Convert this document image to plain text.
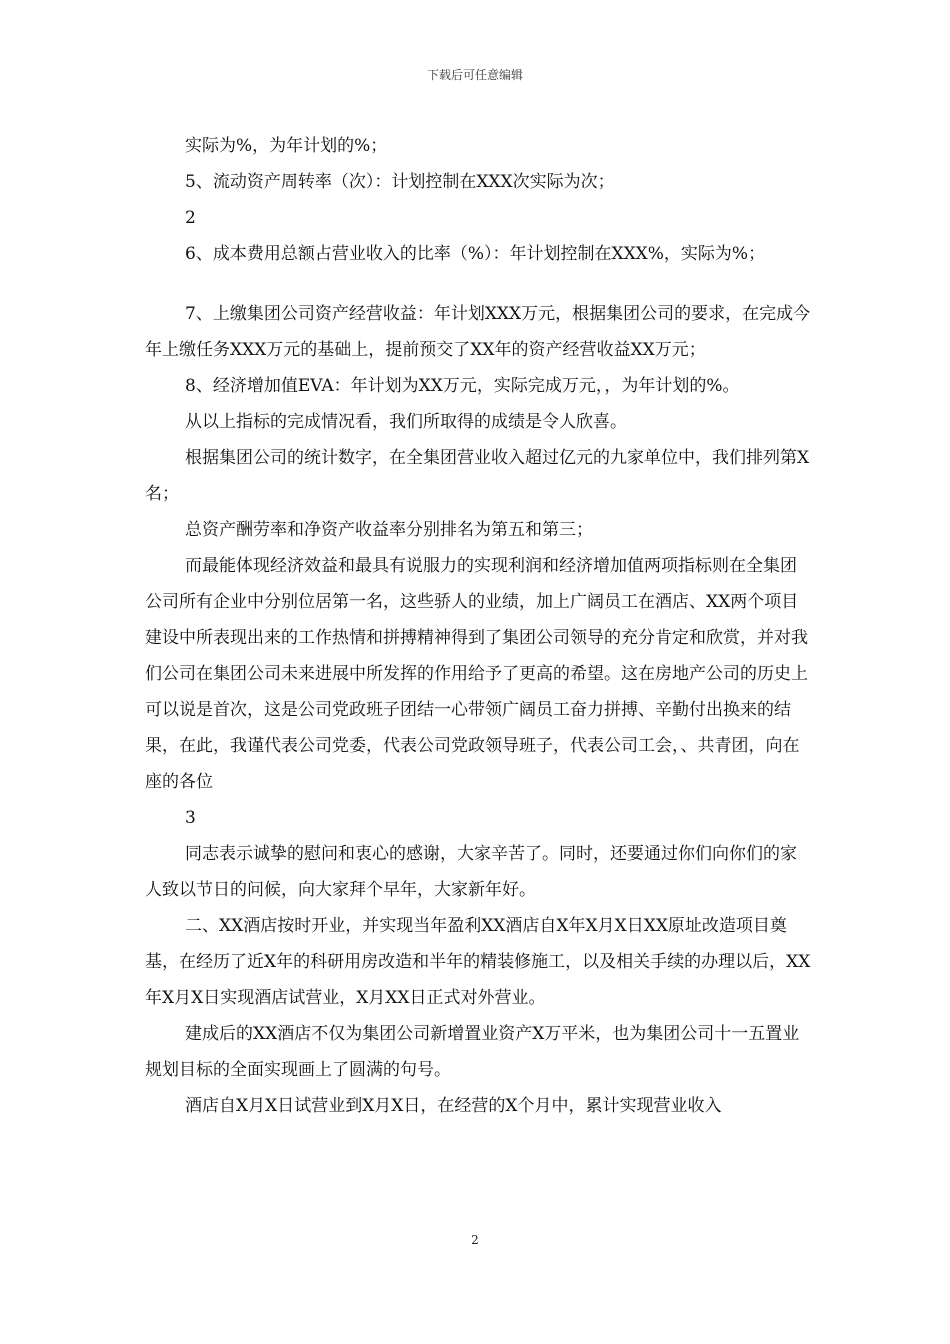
下载后可任意编辑

实际为%，为年计划的%；

5、流动资产周转率（次）：计划控制在XXX次实际为次；

2

6、成本费用总额占营业收入的比率（%）：年计划控制在XXX%，实际为%；

7、上缴集团公司资产经营收益：年计划XXX万元，根据集团公司的要求，在完成今年上缴任务XXX万元的基础上，提前预交了XX年的资产经营收益XX万元；

8、经济增加值EVA：年计划为XX万元，实际完成万元，，为年计划的%。

从以上指标的完成情况看，我们所取得的成绩是令人欣喜。

根据集团公司的统计数字，在全集团营业收入超过亿元的九家单位中，我们排列第X名；

总资产酬劳率和净资产收益率分别排名为第五和第三；

而最能体现经济效益和最具有说服力的实现利润和经济增加值两项指标则在全集团公司所有企业中分别位居第一名，这些骄人的业绩，加上广阔员工在酒店、XX两个项目建设中所表现出来的工作热情和拼搏精神得到了集团公司领导的充分肯定和欣赏，并对我们公司在集团公司未来进展中所发挥的作用给予了更高的希望。这在房地产公司的历史上可以说是首次，这是公司党政班子团结一心带领广阔员工奋力拼搏、辛勤付出换来的结果，在此，我谨代表公司党委，代表公司党政领导班子，代表公司工会，、共青团，向在座的各位

3

同志表示诚挚的慰问和衷心的感谢，大家辛苦了。同时，还要通过你们向你们的家人致以节日的问候，向大家拜个早年，大家新年好。

二、XX酒店按时开业，并实现当年盈利XX酒店自X年X月X日XX原址改造项目奠基，在经历了近X年的科研用房改造和半年的精装修施工，以及相关手续的办理以后，XX年X月X日实现酒店试营业，X月XX日正式对外营业。

建成后的XX酒店不仅为集团公司新增置业资产X万平米，也为集团公司十一五置业规划目标的全面实现画上了圆满的句号。

酒店自X月X日试营业到X月X日，在经营的X个月中，累计实现营业收入

2
